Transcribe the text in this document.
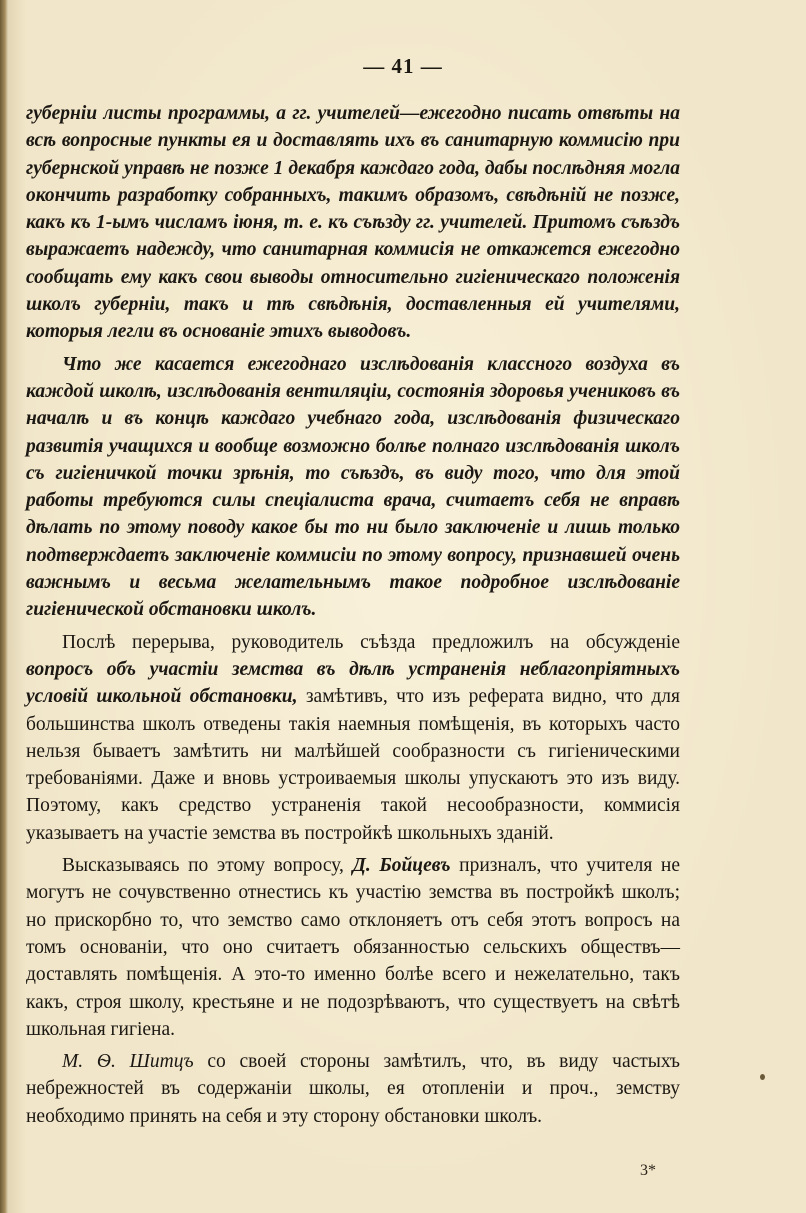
— 41 —

губерніи листы программы, а гг. учителей—ежегодно писать отвѣты на всѣ вопросные пункты ея и доставлять ихъ въ санитарную коммисію при губернской управѣ не позже 1 декабря каждаго года, дабы послѣдняя могла окончить разработку собранныхъ, такимъ образомъ, свѣдѣній не позже, какъ къ 1-ымъ числамъ іюня, т. е. къ съѣзду гг. учителей. Притомъ съѣздъ выражаетъ надежду, что санитарная коммисія не откажется ежегодно сообщать ему какъ свои выводы относительно гигіеническаго положенія школъ губерніи, такъ и тѣ свѣдѣнія, доставленныя ей учителями, которыя легли въ основаніе этихъ выводовъ.

Что же касается ежегоднаго изслѣдованія классного воздуха въ каждой школѣ, изслѣдованія вентиляціи, состоянія здоровья учениковъ въ началѣ и въ концѣ каждаго учебнаго года, изслѣдованія физическаго развитія учащихся и вообще возможно болѣе полнаго изслѣдованія школъ съ гигіеничкой точки зрѣнія, то съѣздъ, въ виду того, что для этой работы требуются силы спеціалиста врача, считаетъ себя не вправѣ дѣлать по этому поводу какое бы то ни было заключеніе и лишь только подтверждаетъ заключеніе коммисіи по этому вопросу, признавшей очень важнымъ и весьма желательнымъ такое подробное изслѣдованіе гигіенической обстановки школъ.

Послѣ перерыва, руководитель съѣзда предложилъ на обсужденіе вопросъ объ участіи земства въ дѣлѣ устраненія неблагопріятныхъ условій школьной обстановки, замѣтивъ, что изъ реферата видно, что для большинства школъ отведены такія наемныя помѣщенія, въ которыхъ часто нельзя бываетъ замѣтить ни малѣйшей сообразности съ гигіеническими требованіями. Даже и вновь устроиваемыя школы упускаютъ это изъ виду. Поэтому, какъ средство устраненія такой несообразности, коммисія указываетъ на участіе земства въ постройкѣ школьныхъ зданій.

Высказываясь по этому вопросу, Д. Бойцевъ призналъ, что учителя не могутъ не сочувственно отнестись къ участію земства въ постройкѣ школъ; но прискорбно то, что земство само отклоняетъ отъ себя этотъ вопросъ на томъ основаніи, что оно считаетъ обязанностью сельскихъ обществъ—доставлять помѣщенія. А это-то именно болѣе всего и нежелательно, такъ какъ, строя школу, крестьяне и не подозрѣваютъ, что существуетъ на свѣтѣ школьная гигіена.

М. Ѳ. Шитцъ со своей стороны замѣтилъ, что, въ виду частыхъ небрежностей въ содержаніи школы, ея отопленіи и проч., земству необходимо принять на себя и эту сторону обстановки школъ.

3*
